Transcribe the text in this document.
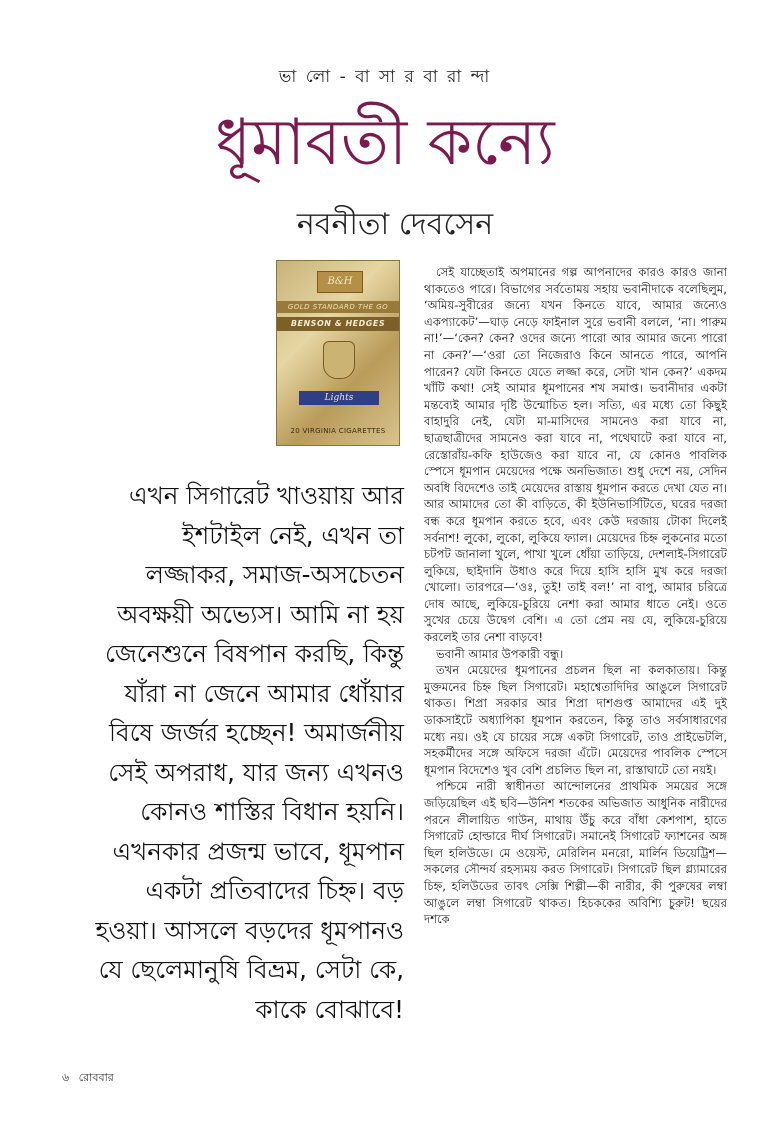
ভা লো - বা সা র বা রা ন্দা
ধূমাবতী কন্যে
নবনীতা দেবসেন
B&H
GOLD STANDARD THE GO
BENSON & HEDGES
Lights
20 VIRGINIA CIGARETTES
এখন সিগারেট খাওয়ায় আর ইশটাইল নেই, এখন তা লজ্জাকর, সমাজ-অসচেতন অবক্ষয়ী অভ্যেস। আমি না হয় জেনেশুনে বিষপান করছি, কিন্তু যাঁরা না জেনে আমার ধোঁয়ার বিষে জর্জর হচ্ছেন! অমার্জনীয় সেই অপরাধ, যার জন্য এখনও কোনও শাস্তির বিধান হয়নি। এখনকার প্রজন্ম ভাবে, ধূমপান একটা প্রতিবাদের চিহ্ন। বড় হওয়া। আসলে বড়দের ধূমপানও যে ছেলেমানুষি বিভ্রম, সেটা কে, কাকে বোঝাবে!

সেই যাচ্ছেতাই অপমানের গল্প আপনাদের কারও কারও জানা থাকতেও পারে। বিভাগের সর্বতোময় সহায় ভবানীদাকে বলেছিলুম, ‘অমিয়-সুবীরের জন্যে যখন কিনতে যাবে, আমার জন্যেও একপ্যাকেট’—ঘাড় নেড়ে ফাইনাল সুরে ভবানী বললে, ‘না। পারুম না!’—‘কেন? কেন? ওদের জন্যে পারো আর আমার জন্যে পারো না কেন?’—‘ওরা তো নিজেরাও কিনে আনতে পারে, আপনি পারেন? যেটা কিনতে যেতে লজ্জা করে, সেটা খান কেন?’ একদম খাঁটি কথা! সেই আমার ধূমপানের শখ সমাপ্ত। ভবানীদার একটা মন্তব্যেই আমার দৃষ্টি উন্মোচিত হল। সত্যি, এর মধ্যে তো কিছুই বাহাদুরি নেই, যেটা মা-মাসিদের সামনেও করা যাবে না, ছাত্রছাত্রীদের সামনেও করা যাবে না, পথেঘাটে করা যাবে না, রেস্তোরাঁয়-কফি হাউজেও করা যাবে না, যে কোনও পাবলিক স্পেসে ধূমপান মেয়েদের পক্ষে অনভিজাত। শুধু দেশে নয়, সেদিন অবধি বিদেশেও তাই মেয়েদের রাস্তায় ধূমপান করতে দেখা যেত না। আর আমাদের তো কী বাড়িতে, কী ইউনিভার্সিটিতে, ঘরের দরজা বন্ধ করে ধূমপান করতে হবে, এবং কেউ দরজায় টোকা দিলেই সর্বনাশ! লুকো, লুকো, লুকিয়ে ফ্যাল। মেয়েদের চিহ্ন লুকনোর মতো চটপট জানালা খুলে, পাখা খুলে ধোঁয়া তাড়িয়ে, দেশলাই-সিগারেট লুকিয়ে, ছাইদানি উধাও করে দিয়ে হাসি হাসি মুখ করে দরজা খোলো। তারপরে—‘ওঃ, তুই! তাই বল!’ না বাপু, আমার চরিত্রে দোষ আছে, লুকিয়ে-চুরিয়ে নেশা করা আমার ধাতে নেই। ওতে সুখের চেয়ে উদ্বেগ বেশি। এ তো প্রেম নয় যে, লুকিয়ে-চুরিয়ে করলেই তার নেশা বাড়বে!

ভবানী আমার উপকারী বন্ধু।

তখন মেয়েদের ধূমপানের প্রচলন ছিল না কলকাতায়। কিন্তু মুক্তমনের চিহ্ন ছিল সিগারেট। মহাশ্বেতাদিদির আঙুলে সিগারেট থাকত। শিপ্রা সরকার আর শিপ্রা দাশগুপ্ত আমাদের এই দুই ডাকসাইটে অধ্যাপিকা ধূমপান করতেন, কিন্তু তাও সর্বসাধারণের মধ্যে নয়। ওই যে চায়ের সঙ্গে একটা সিগারেট, তাও প্রাইভেটলি, সহকর্মীদের সঙ্গে অফিসে দরজা এঁটে। মেয়েদের পাবলিক স্পেসে ধূমপান বিদেশেও খুব বেশি প্রচলিত ছিল না, রাস্তাঘাটে তো নয়ই।

পশ্চিমে নারী স্বাধীনতা আন্দোলনের প্রাথমিক সময়ের সঙ্গে জড়িয়েছিল এই ছবি—উনিশ শতকের অভিজাত আধুনিক নারীদের পরনে লীলায়িত গাউন, মাথায় উঁচু করে বাঁধা কেশপাশ, হাতে সিগারেট হোল্ডারে দীর্ঘ সিগারেট। সমানেই সিগারেট ফ্যাশনের অঙ্গ ছিল হলিউডে। মে ওয়েস্ট, মেরিলিন মনরো, মার্লিন ডিয়েট্রিশ—সকলের সৌন্দর্য রহস্যময় করত সিগারেট। সিগারেট ছিল গ্ল্যামারের চিহ্ন, হলিউডের তাবৎ সেক্সি শিল্পী—কী নারীর, কী পুরুষের লম্বা আঙুলে লম্বা সিগারেট থাকত। হিচককের অবিশ্যি চুরুট! ছয়ের দশকে

৬ রোববার
